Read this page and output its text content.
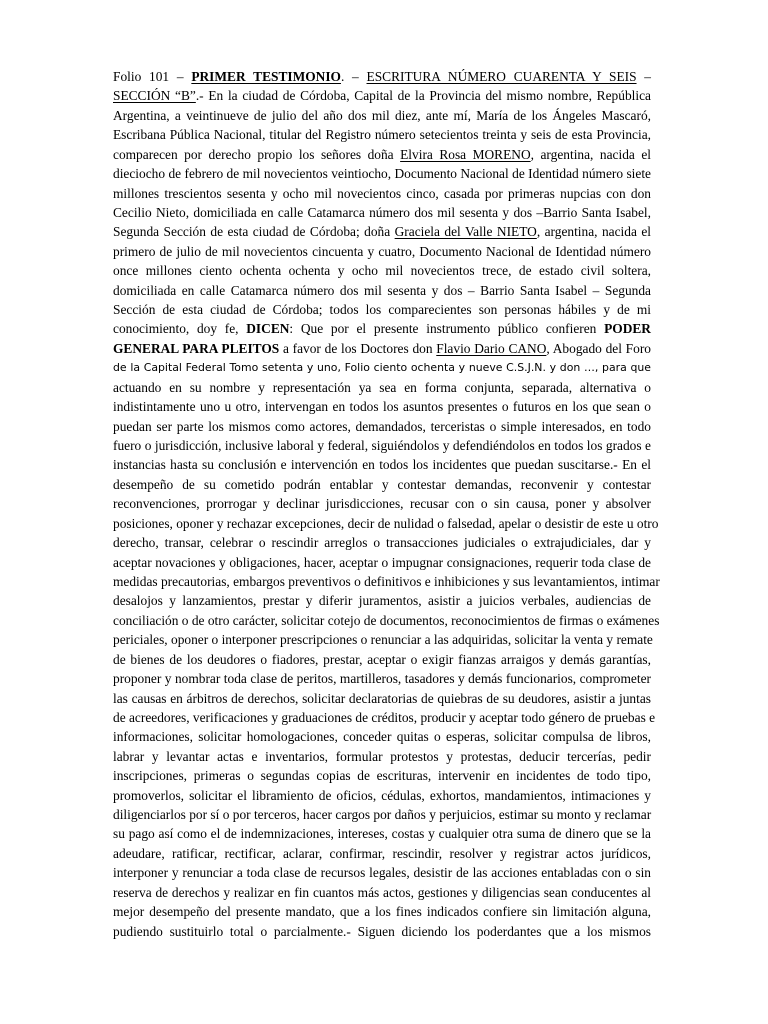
Folio 101 – PRIMER TESTIMONIO. – ESCRITURA NÚMERO CUARENTA Y SEIS –
SECCIÓN “B”.- En la ciudad de Córdoba, Capital de la Provincia del mismo nombre, República
Argentina, a veintinueve de julio del año dos mil diez, ante mí, María de los Ángeles Mascaró,
Escribana Pública Nacional, titular del Registro número setecientos treinta y seis de esta Provincia,
comparecen por derecho propio los señores doña Elvira Rosa MORENO, argentina, nacida el
dieciocho de febrero de mil novecientos veintiocho, Documento Nacional de Identidad número siete
millones trescientos sesenta y ocho mil novecientos cinco, casada por primeras nupcias con don
Cecilio Nieto, domiciliada en calle Catamarca número dos mil sesenta y dos –Barrio Santa Isabel,
Segunda Sección de esta ciudad de Córdoba; doña Graciela del Valle NIETO, argentina, nacida el
primero de julio de mil novecientos cincuenta y cuatro, Documento Nacional de Identidad número
once millones ciento ochenta ochenta y ocho mil novecientos trece, de estado civil soltera,
domiciliada en calle Catamarca número dos mil sesenta y dos – Barrio Santa Isabel – Segunda
Sección de esta ciudad de Córdoba; todos los comparecientes son personas hábiles y de mi
conocimiento, doy fe, DICEN: Que por el presente instrumento público confieren PODER
GENERAL PARA PLEITOS a favor de los Doctores don Flavio Dario CANO, Abogado del Foro
de la Capital Federal Tomo setenta y uno, Folio ciento ochenta y nueve C.S.J.N. y don …, para que
actuando en su nombre y representación ya sea en forma conjunta, separada, alternativa o
indistintamente uno u otro, intervengan en todos los asuntos presentes o futuros en los que sean o
puedan ser parte los mismos como actores, demandados, terceristas o simple interesados, en todo
fuero o jurisdicción, inclusive laboral y federal, siguiéndolos y defendiéndolos en todos los grados e
instancias hasta su conclusión e intervención en todos los incidentes que puedan suscitarse.- En el
desempeño de su cometido podrán entablar y contestar demandas, reconvenir y contestar
reconvenciones, prorrogar y declinar jurisdicciones, recusar con o sin causa, poner y absolver
posiciones, oponer y rechazar excepciones, decir de nulidad o falsedad, apelar o desistir de este u otro
derecho, transar, celebrar o rescindir arreglos o transacciones judiciales o extrajudiciales, dar y
aceptar novaciones y obligaciones, hacer, aceptar o impugnar consignaciones, requerir toda clase de
medidas precautorias, embargos preventivos o definitivos e inhibiciones y sus levantamientos, intimar
desalojos y lanzamientos, prestar y diferir juramentos, asistir a juicios verbales, audiencias de
conciliación o de otro carácter, solicitar cotejo de documentos, reconocimientos de firmas o exámenes
periciales, oponer o interponer prescripciones o renunciar a las adquiridas, solicitar la venta y remate
de bienes de los deudores o fiadores, prestar, aceptar o exigir fianzas arraigos y demás garantías,
proponer y nombrar toda clase de peritos, martilleros, tasadores y demás funcionarios, comprometer
las causas en árbitros de derechos, solicitar declaratorias de quiebras de su deudores, asistir a juntas
de acreedores, verificaciones y graduaciones de créditos, producir y aceptar todo género de pruebas e
informaciones, solicitar homologaciones, conceder quitas o esperas, solicitar compulsa de libros,
labrar y levantar actas e inventarios, formular protestos y protestas, deducir tercerías, pedir
inscripciones, primeras o segundas copias de escrituras, intervenir en incidentes de todo tipo,
promoverlos, solicitar el libramiento de oficios, cédulas, exhortos, mandamientos, intimaciones y
diligenciarlos por sí o por terceros, hacer cargos por daños y perjuicios, estimar su monto y reclamar
su pago así como el de indemnizaciones, intereses, costas y cualquier otra suma de dinero que se la
adeudare, ratificar, rectificar, aclarar, confirmar, rescindir, resolver y registrar actos jurídicos,
interponer y renunciar a toda clase de recursos legales, desistir de las acciones entabladas con o sin
reserva de derechos y realizar en fin cuantos más actos, gestiones y diligencias sean conducentes al
mejor desempeño del presente mandato, que a los fines indicados confiere sin limitación alguna,
pudiendo sustituirlo total o parcialmente.- Siguen diciendo los poderdantes que a los mismos
